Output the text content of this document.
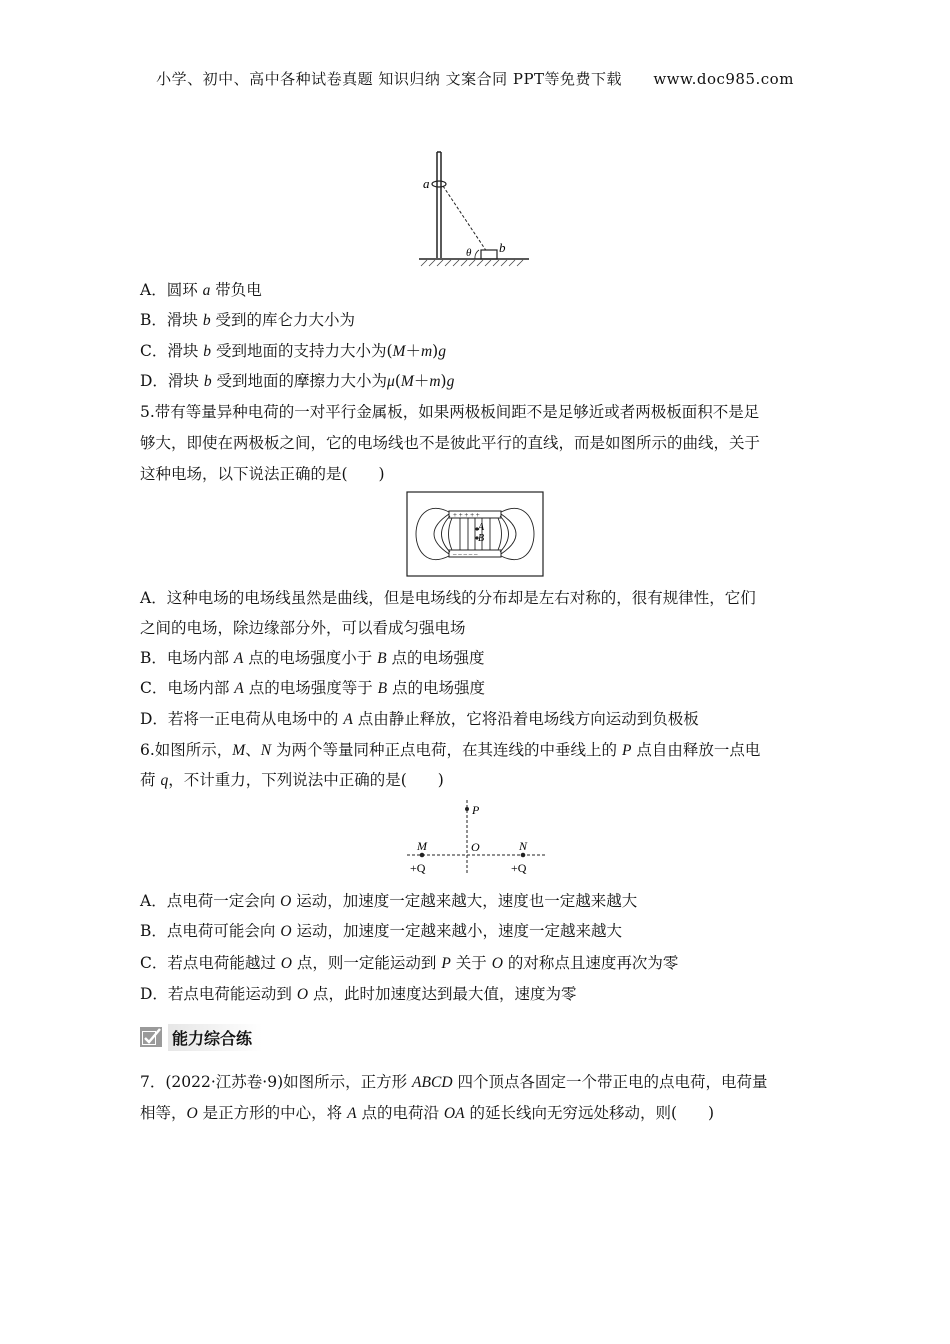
小学、初中、高中各种试卷真题 知识归纳 文案合同 PPT等免费下载 www.doc985.com
a
b
θ
A．圆环 a 带负电
B．滑块 b 受到的库仑力大小为
C．滑块 b 受到地面的支持力大小为(M＋m)g
D．滑块 b 受到地面的摩擦力大小为μ(M＋m)g
5.带有等量异种电荷的一对平行金属板，如果两极板间距不是足够近或者两极板面积不是足
够大，即使在两极板之间，它的电场线也不是彼此平行的直线，而是如图所示的曲线，关于
这种电场，以下说法正确的是(　　)
+ + + + +
‒ ‒ ‒ ‒ ‒
A
B
A．这种电场的电场线虽然是曲线，但是电场线的分布却是左右对称的，很有规律性，它们
之间的电场，除边缘部分外，可以看成匀强电场
B．电场内部 A 点的电场强度小于 B 点的电场强度
C．电场内部 A 点的电场强度等于 B 点的电场强度
D．若将一正电荷从电场中的 A 点由静止释放，它将沿着电场线方向运动到负极板
6.如图所示，M、N 为两个等量同种正点电荷，在其连线的中垂线上的 P 点自由释放一点电
荷 q，不计重力，下列说法中正确的是(　　)
P
M	O	N
+Q	+Q
A．点电荷一定会向 O 运动，加速度一定越来越大，速度也一定越来越大
B．点电荷可能会向 O 运动，加速度一定越来越小，速度一定越来越大
C．若点电荷能越过 O 点，则一定能运动到 P 关于 O 的对称点且速度再次为零
D．若点电荷能运动到 O 点，此时加速度达到最大值，速度为零
能力综合练
7．(2022·江苏卷·9)如图所示，正方形 ABCD 四个顶点各固定一个带正电的点电荷，电荷量
相等，O 是正方形的中心，将 A 点的电荷沿 OA 的延长线向无穷远处移动，则(　　)
